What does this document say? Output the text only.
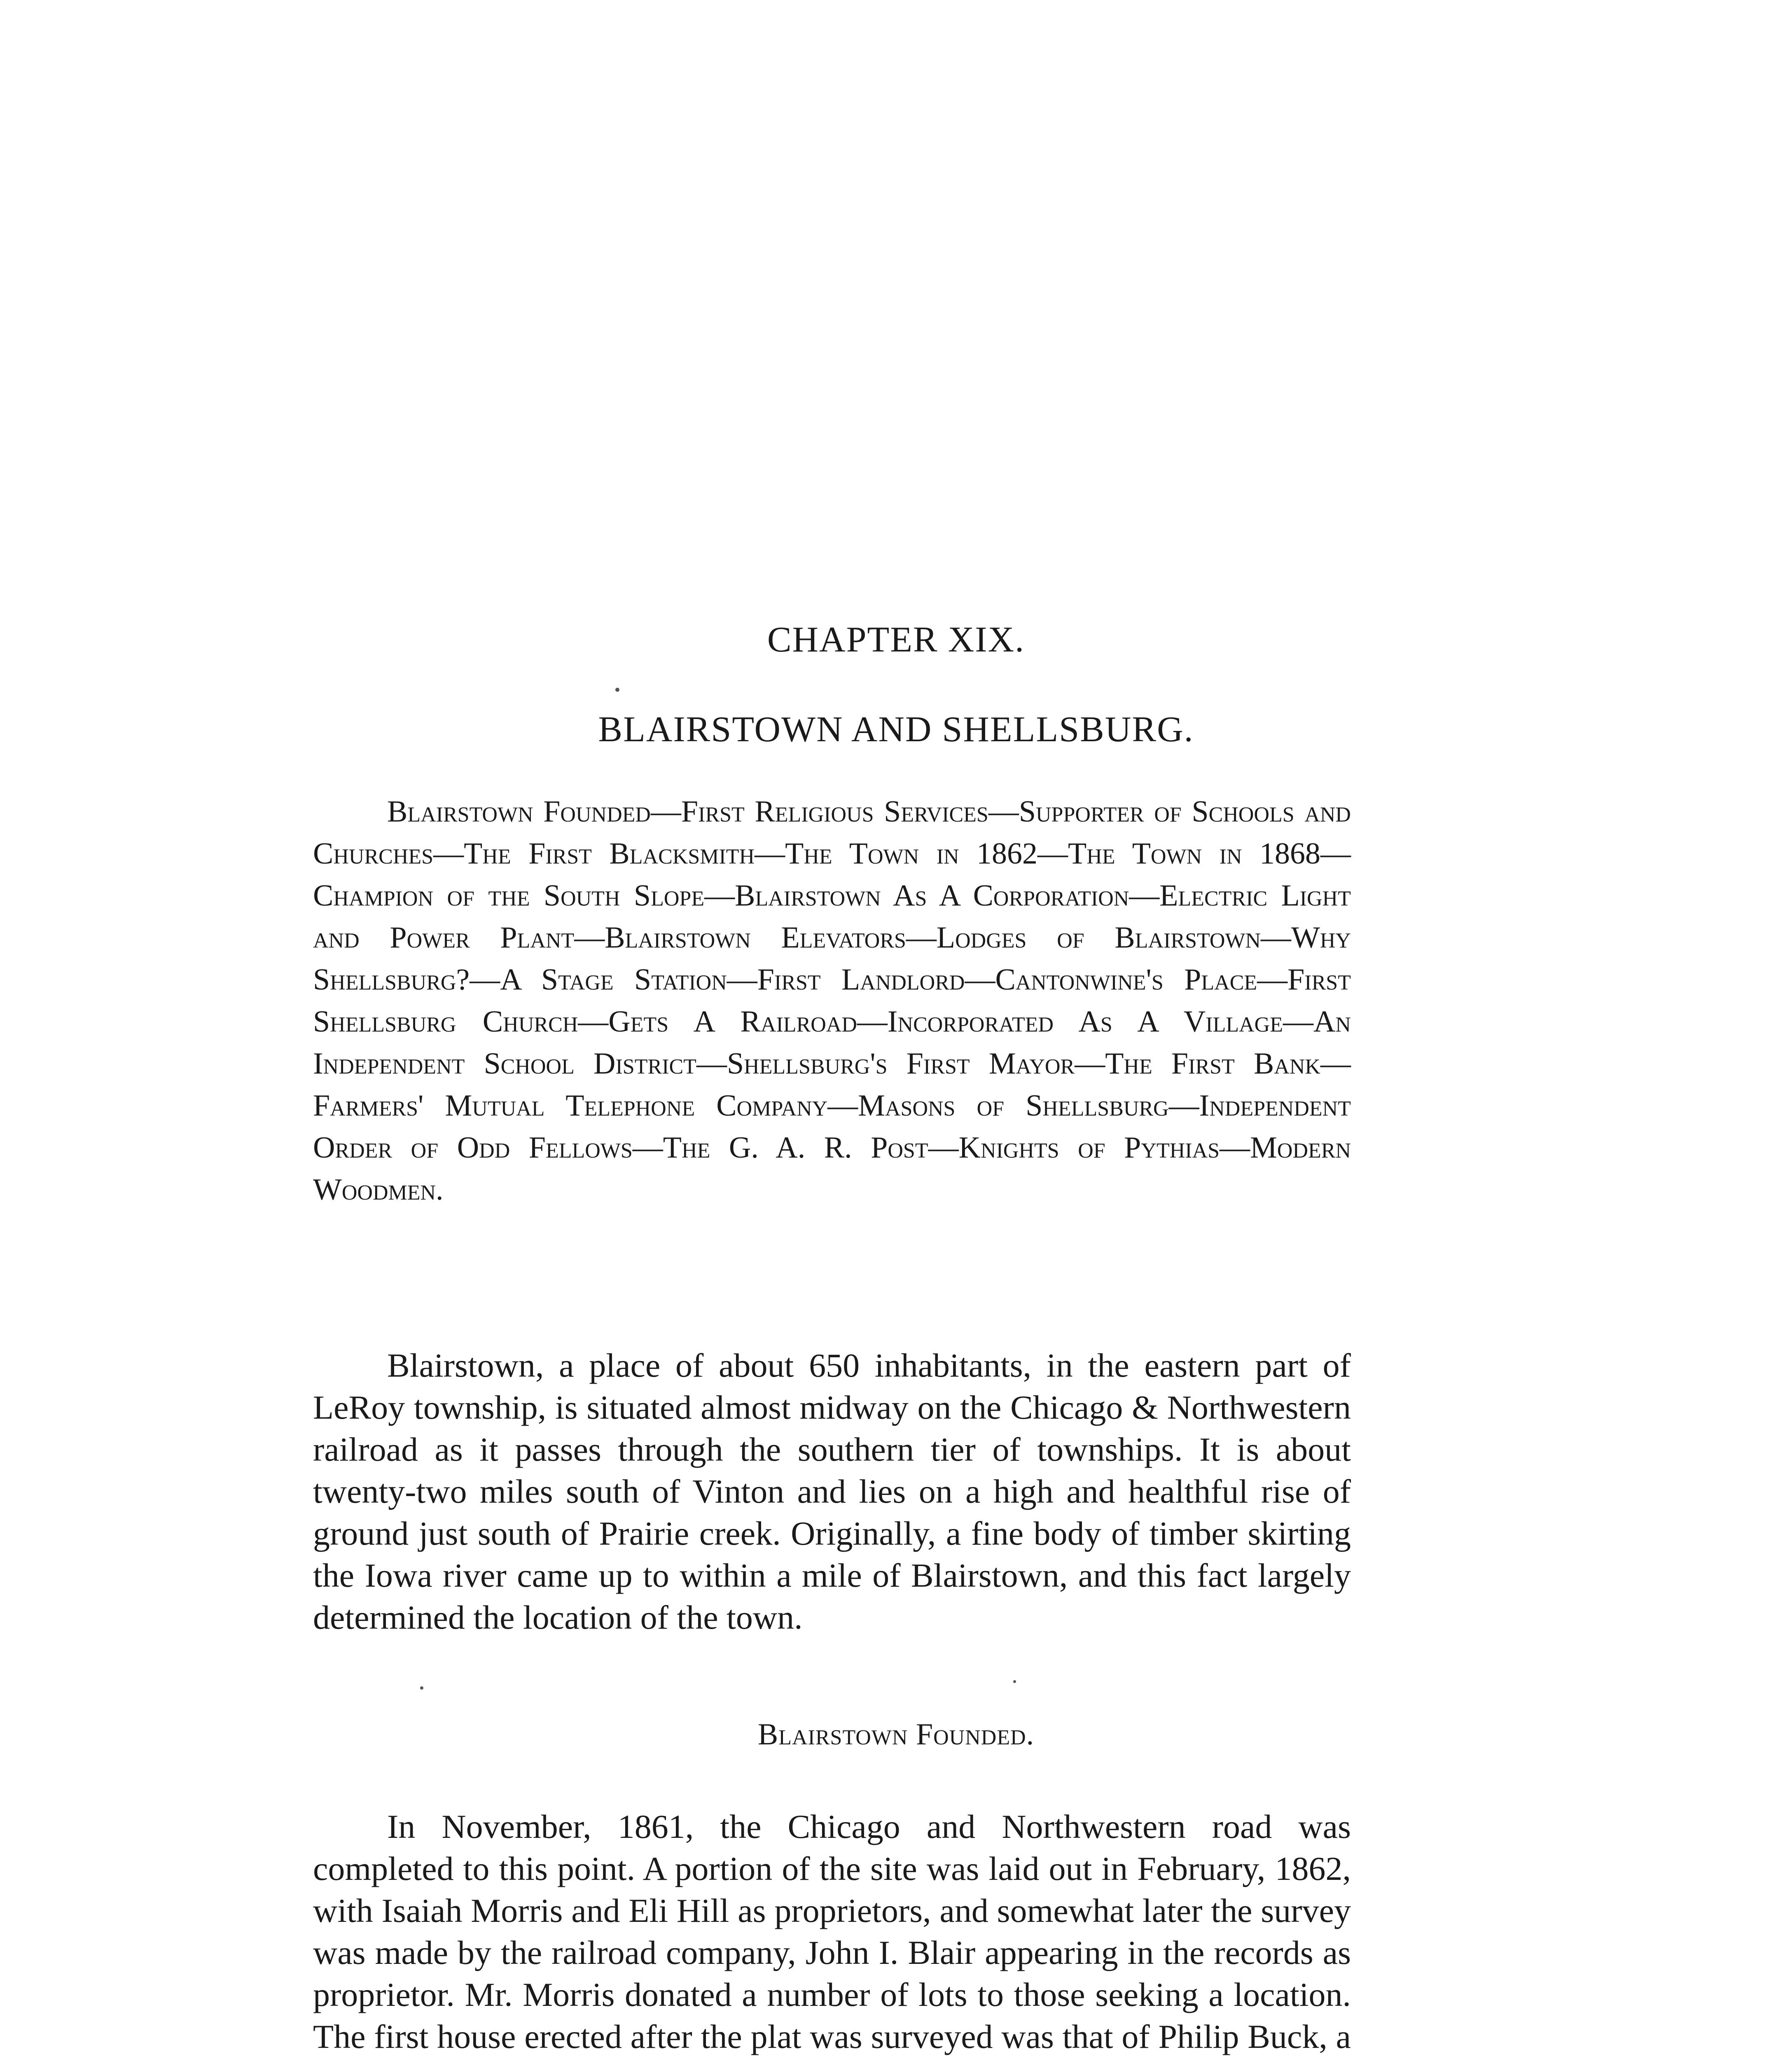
CHAPTER XIX.
BLAIRSTOWN AND SHELLSBURG.

Blairstown Founded—First Religious Services—Supporter of Schools and Churches—The First Blacksmith—The Town in 1862—The Town in 1868—Champion of the South Slope—Blairstown As A Corporation—Electric Light and Power Plant—Blairstown Elevators—Lodges of Blairstown—Why Shellsburg?—A Stage Station—First Landlord—Cantonwine's Place—First Shellsburg Church—Gets A Railroad—Incorporated As A Village—An Independent School District—Shellsburg's First Mayor—The First Bank—Farmers' Mutual Telephone Company—Masons of Shellsburg—Independent Order of Odd Fellows—The G. A. R. Post—Knights of Pythias—Modern Woodmen.

Blairstown, a place of about 650 inhabitants, in the eastern part of LeRoy township, is situated almost midway on the Chicago & Northwestern railroad as it passes through the southern tier of townships. It is about twenty-two miles south of Vinton and lies on a high and healthful rise of ground just south of Prairie creek. Originally, a fine body of timber skirting the Iowa river came up to within a mile of Blairstown, and this fact largely determined the location of the town.

Blairstown Founded.

In November, 1861, the Chicago and Northwestern road was completed to this point. A portion of the site was laid out in February, 1862, with Isaiah Morris and Eli Hill as proprietors, and somewhat later the survey was made by the railroad company, John I. Blair appearing in the records as proprietor. Mr. Morris donated a number of lots to those seeking a location. The first house erected after the plat was surveyed was that of Philip Buck, a
